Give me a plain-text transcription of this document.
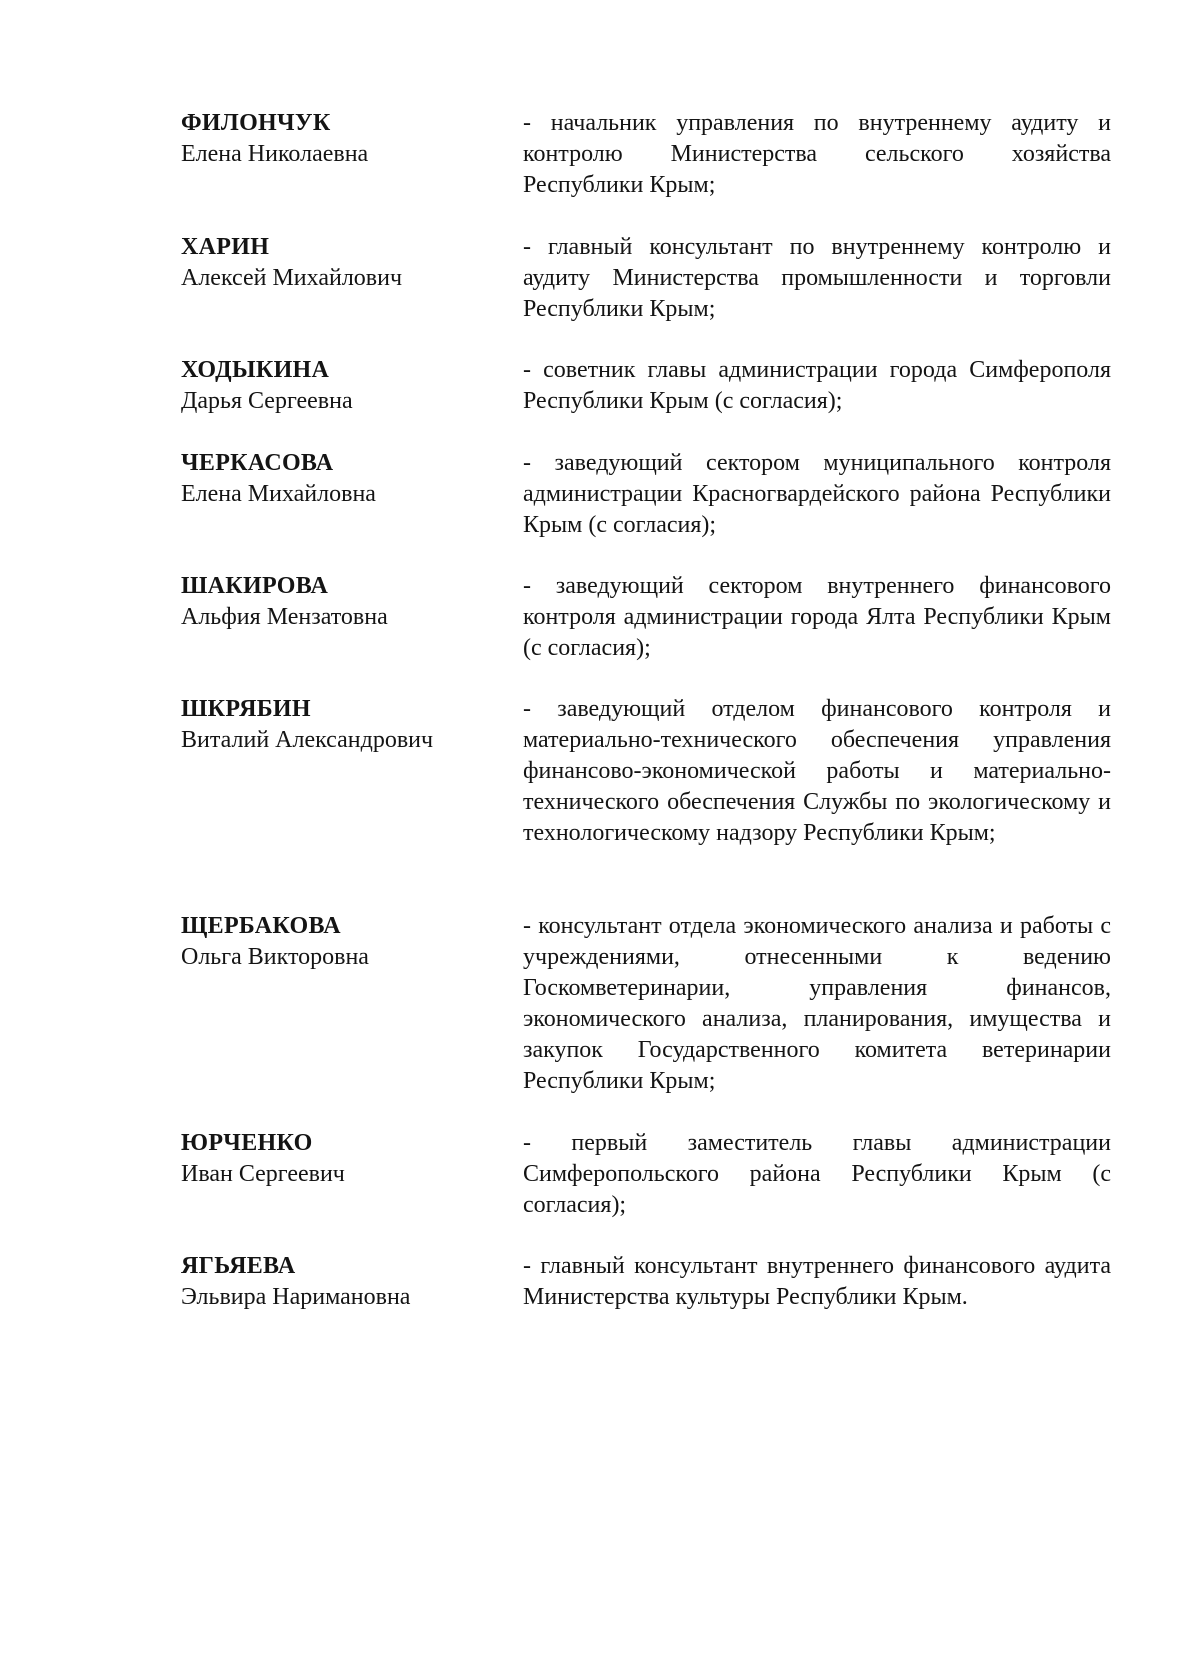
ФИЛОНЧУК
Елена Николаевна
- начальник управления по внутреннему аудиту и контролю Министерства сельского хозяйства Республики Крым;
ХАРИН
Алексей Михайлович
- главный консультант по внутреннему контролю и аудиту Министерства промышленности и торговли Республики Крым;
ХОДЫКИНА
Дарья Сергеевна
- советник главы администрации города Симферополя Республики Крым (с согласия);
ЧЕРКАСОВА
Елена Михайловна
- заведующий сектором муниципального контроля администрации Красногвардейского района Республики Крым (с согласия);
ШАКИРОВА
Альфия Мензатовна
- заведующий сектором внутреннего финансового контроля администрации города Ялта Республики Крым (с согласия);
ШКРЯБИН
Виталий Александрович
- заведующий отделом финансового контроля и материально-технического обеспечения управления финансово-экономической работы и материально-технического обеспечения Службы по экологическому и технологическому надзору Республики Крым;
ЩЕРБАКОВА
Ольга Викторовна
- консультант отдела экономического анализа и работы с учреждениями, отнесенными к ведению Госкомветеринарии, управления финансов, экономического анализа, планирования, имущества и закупок Государственного комитета ветеринарии Республики Крым;
ЮРЧЕНКО
Иван Сергеевич
- первый заместитель главы администрации Симферопольского района Республики Крым (с согласия);
ЯГЬЯЕВА
Эльвира Наримановна
- главный консультант внутреннего финансового аудита Министерства культуры Республики Крым.
